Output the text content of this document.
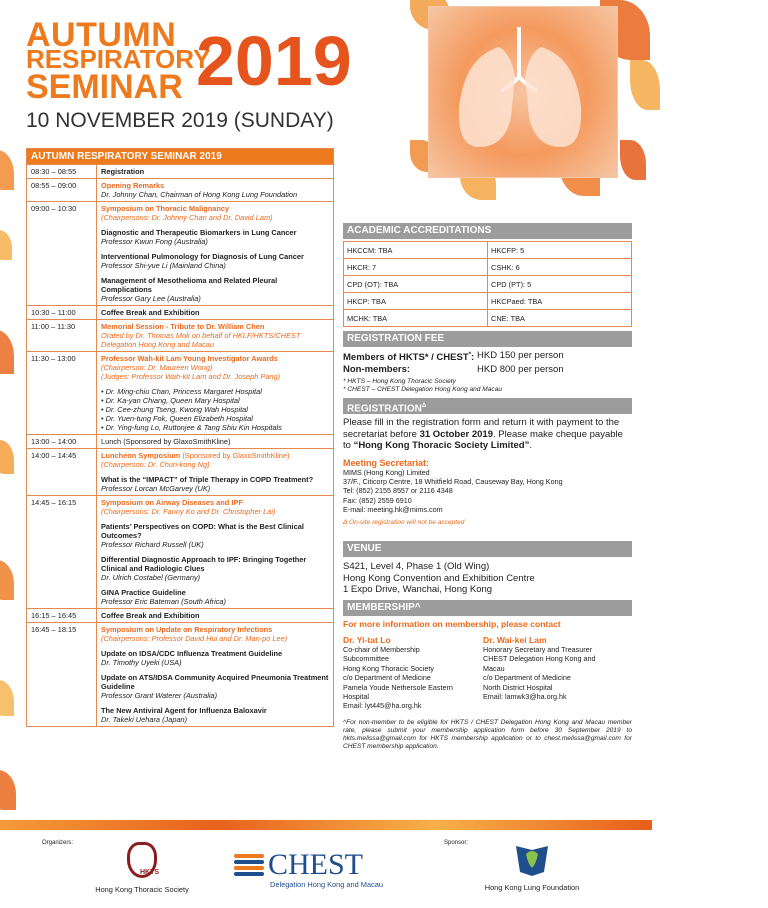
AUTUMN
RESPIRATORY
SEMINAR 2019
10 NOVEMBER 2019 (SUNDAY)
AUTUMN RESPIRATORY SEMINAR 2019
08:30 – 08:55	Registration
08:55 – 09:00	Opening Remarks
Dr. Johnny Chan, Chairman of Hong Kong Lung Foundation
09:00 – 10:30	Symposium on Thoracic Malignancy
(Chairpersons: Dr. Johnny Chan and Dr. David Lam)
Diagnostic and Therapeutic Biomarkers in Lung Cancer
Professor Kwun Fong (Australia)
Interventional Pulmonology for Diagnosis of Lung Cancer
Professor Shi-yue Li (Mainland China)
Management of Mesothelioma and Related Pleural Complications
Professor Gary Lee (Australia)
10:30 – 11:00	Coffee Break and Exhibition
11:00 – 11:30	Memorial Session - Tribute to Dr. William Chen
Orated by Dr. Thomas Mok on behalf of HKLF/HKTS/CHEST
Delegation Hong Kong and Macau
11:30 – 13:00	Professor Wah-kit Lam Young Investigator Awards
(Chairperson: Dr. Maureen Wong)
(Judges: Professor Wah-kit Lam and Dr. Joseph Pang)
• Dr. Ming-chiu Chan, Princess Margaret Hospital
• Dr. Ka-yan Chiang, Queen Mary Hospital
• Dr. Cee-zhung Tseng, Kwong Wah Hospital
• Dr. Yuen-tung Fok, Queen Elizabeth Hospital
• Dr. Ying-fung Lo, Ruttonjee & Tang Shiu Kin Hospitals
13:00 – 14:00	Lunch (Sponsored by GlaxoSmithKline)
14:00 – 14:45	Luncheon Symposium (Sponsored by GlaxoSmithKline)
(Chairperson: Dr. Chun-kong Ng)
What is the “IMPACT” of Triple Therapy in COPD Treatment?
Professor Lorcan McGarvey (UK)
14:45 – 16:15	Symposium on Airway Diseases and IPF
(Chairpersons: Dr. Fanny Ko and Dr. Christopher Lai)
Patients’ Perspectives on COPD: What is the Best Clinical Outcomes?
Professor Richard Russell (UK)
Differential Diagnostic Approach to IPF: Bringing Together Clinical and Radiologic Clues
Dr. Ulrich Costabel (Germany)
GINA Practice Guideline
Professor Eric Bateman (South Africa)
16:15 – 16:45	Coffee Break and Exhibition
16:45 – 18:15	Symposium on Update on Respiratory Infections
(Chairpersons: Professor David Hui and Dr. Man-po Lee)
Update on IDSA/CDC Influenza Treatment Guideline
Dr. Timothy Uyeki (USA)
Update on ATS/IDSA Community Acquired Pneumonia Treatment Guideline
Professor Grant Waterer (Australia)
The New Antiviral Agent for Influenza Baloxavir
Dr. Takeki Uehara (Japan)
ACADEMIC ACCREDITATIONS
HKCCM: TBA	HKCFP: 5
HKCR: 7	CSHK: 6
CPD (OT): TBA	CPD (PT): 5
HKCP: TBA	HKCPaed: TBA
MCHK: TBA	CNE: TBA
REGISTRATION FEE
Members of HKTS* / CHEST*: HKD 150 per person
Non-members:	HKD 800 per person
* HKTS – Hong Kong Thoracic Society
* CHEST – CHEST Delegation Hong Kong and Macau
$REGISTRATION^\Delta$
Please fill in the registration form and return it with payment to the secretariat before 31 October 2019. Please make cheque payable to “Hong Kong Thoracic Society Limited”.
Meeting Secretariat:
MIMS (Hong Kong) Limited
37/F., Citicorp Centre, 18 Whitfield Road, Causeway Bay, Hong Kong
Tel: (852) 2155 8557 or 2116 4348
Fax: (852) 2559 6910
E-mail: meeting.hk@mims.com
Δ On-site registration will not be accepted
VENUE
S421, Level 4, Phase 1 (Old Wing)
Hong Kong Convention and Exhibition Centre
1 Expo Drive, Wanchai, Hong Kong
MEMBERSHIP^
For more information on membership, please contact
Dr. Yi-tat Lo
Co-chair of Membership
Subcommittee
Hong Kong Thoracic Society
c/o Department of Medicine
Pamela Youde Nethersole Eastern
Hospital
Email: lyt445@ha.org.hk
Dr. Wai-kei Lam
Honorary Secretary and Treasurer
CHEST Delegation Hong Kong and
Macau
c/o Department of Medicine
North District Hospital
Email: lamwk3@ha.org.hk
^For non-member to be eligible for HKTS / CHEST Delegation Hong Kong and Macau member rate, please submit your membership application form before 30 September 2019 to hkts.melissa@gmail.com for HKTS membership application or to chest.melissa@gmail.com for CHEST membership application.
Organizers:	Sponsor:
HKTS
Hong Kong Thoracic Society
CHEST
Delegation Hong Kong and Macau	Hong Kong Lung Foundation
